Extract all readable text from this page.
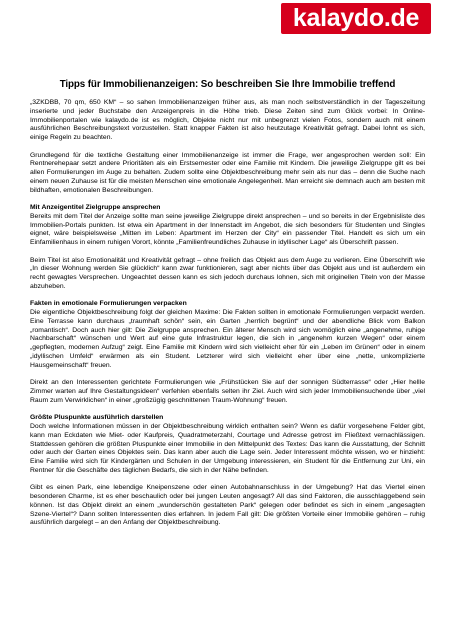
kalaydo.de
Tipps für Immobilienanzeigen: So beschreiben Sie Ihre Immobilie treffend

„3ZKDBB, 70 qm, 650 KM“ – so sahen Immobilienanzeigen früher aus, als man noch selbstverständlich in der Tageszeitung inserierte und jeder Buchstabe den Anzeigenpreis in die Höhe trieb. Diese Zeiten sind zum Glück vorbei: In Online-Immobilienportalen wie kalaydo.de ist es möglich, Objekte nicht nur mit unbegrenzt vielen Fotos, sondern auch mit einem ausführlichen Beschreibungstext vorzustellen. Statt knapper Fakten ist also heutzutage Kreativität gefragt. Dabei lohnt es sich, einige Regeln zu beachten.

Grundlegend für die textliche Gestaltung einer Immobilienanzeige ist immer die Frage, wer angesprochen werden soll: Ein Rentnerehepaar setzt andere Prioritäten als ein Erstsemester oder eine Familie mit Kindern. Die jeweilige Zielgruppe gilt es bei allen Formulierungen im Auge zu behalten. Zudem sollte eine Objektbeschreibung mehr sein als nur das – denn die Suche nach einem neuen Zuhause ist für die meisten Menschen eine emotionale Angelegenheit. Man erreicht sie demnach auch am besten mit bildhaften, emotionalen Beschreibungen.

Mit Anzeigentitel Zielgruppe ansprechen

Bereits mit dem Titel der Anzeige sollte man seine jeweilige Zielgruppe direkt ansprechen – und so bereits in der Ergebnisliste des Immobilien-Portals punkten. Ist etwa ein Apartment in der Innenstadt im Angebot, die sich besonders für Studenten und Singles eignet, wäre beispielsweise „Mitten im Leben: Apartment im Herzen der City“ ein passender Titel. Handelt es sich um ein Einfamilienhaus in einem ruhigen Vorort, könnte „Familienfreundliches Zuhause in idyllischer Lage“ als Überschrift passen.

Beim Titel ist also Emotionalität und Kreativität gefragt – ohne freilich das Objekt aus dem Auge zu verlieren. Eine Überschrift wie „In dieser Wohnung werden Sie glücklich“ kann zwar funktionieren, sagt aber nichts über das Objekt aus und ist außerdem ein recht gewagtes Versprechen. Ungeachtet dessen kann es sich jedoch durchaus lohnen, sich mit originellen Titeln von der Masse abzuheben.

Fakten in emotionale Formulierungen verpacken

Die eigentliche Objektbeschreibung folgt der gleichen Maxime: Die Fakten sollten in emotionale Formulierungen verpackt werden. Eine Terrasse kann durchaus „traumhaft schön“ sein, ein Garten „herrlich begrünt“ und der abendliche Blick vom Balkon „romantisch“. Doch auch hier gilt: Die Zielgruppe ansprechen. Ein älterer Mensch wird sich womöglich eine „angenehme, ruhige Nachbarschaft“ wünschen und Wert auf eine gute Infrastruktur legen, die sich in „angenehm kurzen Wegen“ oder einem „gepflegten, modernen Aufzug“ zeigt. Eine Familie mit Kindern wird sich vielleicht eher für ein „Leben im Grünen“ oder in einem „idyllischen Umfeld“ erwärmen als ein Student. Letzterer wird sich vielleicht eher über eine „nette, unkomplizierte Hausgemeinschaft“ freuen.

Direkt an den Interessenten gerichtete Formulierungen wie „Frühstücken Sie auf der sonnigen Südterrasse“ oder „Hier hellle Zimmer warten auf Ihre Gestaltungsideen“ verfehlen ebenfalls selten ihr Ziel. Auch wird sich jeder Immobiliensuchende über „viel Raum zum Verwirklichen“ in einer „großzügig geschnittenen Traum-Wohnung“ freuen.

Größte Pluspunkte ausführlich darstellen

Doch welche Informationen müssen in der Objektbeschreibung wirklich enthalten sein? Wenn es dafür vorgesehene Felder gibt, kann man Eckdaten wie Miet- oder Kaufpreis, Quadratmeterzahl, Courtage und Adresse getrost im Fließtext vernachlässigen. Stattdessen gehören die größten Pluspunkte einer Immobilie in den Mittelpunkt des Textes: Das kann die Ausstattung, der Schnitt oder auch der Garten eines Objektes sein. Das kann aber auch die Lage sein. Jeder Interessent möchte wissen, wo er hinzieht: Eine Familie wird sich für Kindergärten und Schulen in der Umgebung interessieren, ein Student für die Entfernung zur Uni, ein Rentner für die Geschäfte des täglichen Bedarfs, die sich in der Nähe befinden.

Gibt es einen Park, eine lebendige Kneipenszene oder einen Autobahnanschluss in der Umgebung? Hat das Viertel einen besonderen Charme, ist es eher beschaulich oder bei jungen Leuten angesagt? All das sind Faktoren, die ausschlaggebend sein können. Ist das Objekt direkt an einem „wunderschön gestalteten Park“ gelegen oder befindet es sich in einem „angesagten Szene-Viertel“? Dann sollten Interessenten dies erfahren. In jedem Fall gilt: Die größten Vorteile einer Immobilie gehören – ruhig ausführlich dargelegt – an den Anfang der Objektbeschreibung.
